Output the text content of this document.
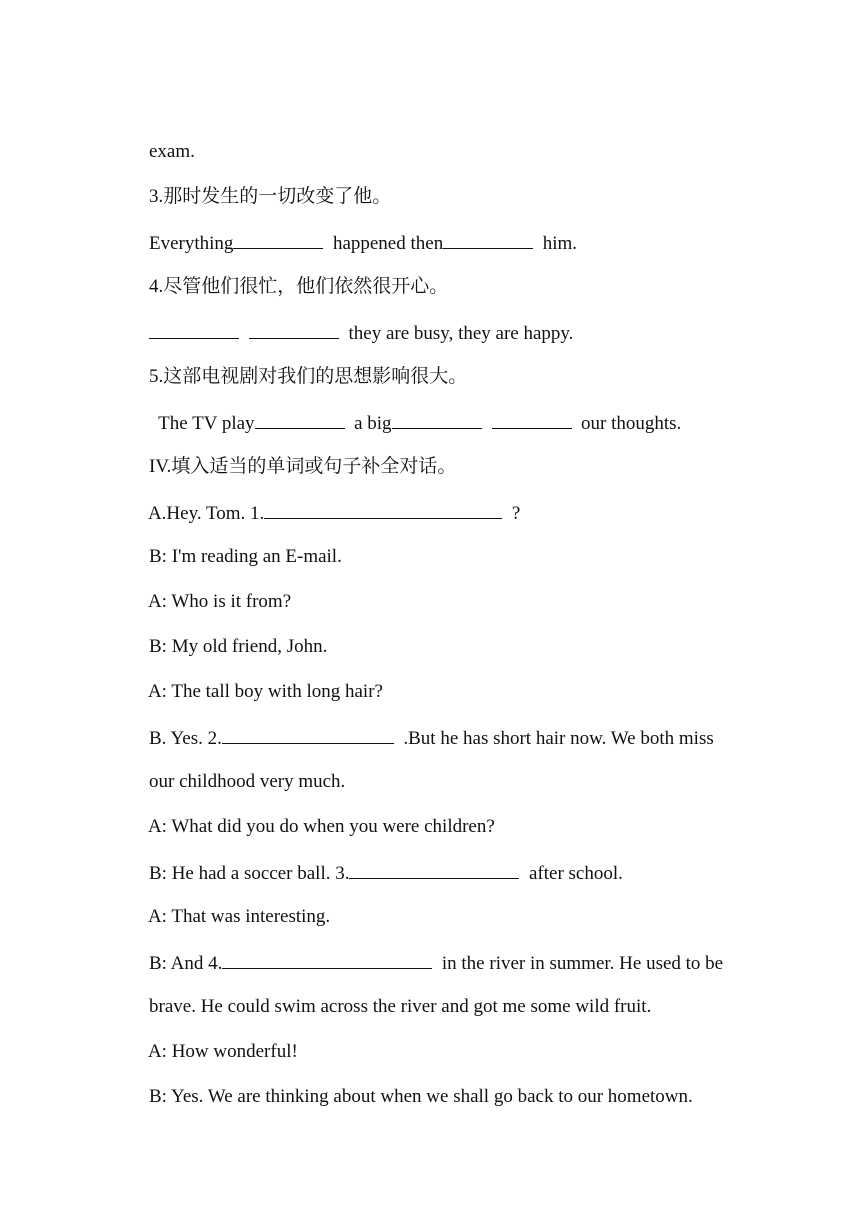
exam.

3.那时发生的一切改变了他。

Everything	happened then	him.

4.尽管他们很忙，他们依然很开心。

they are busy, they are happy.

5.这部电视剧对我们的思想影响很大。

The TV play	a big	our thoughts.

IV.填入适当的单词或句子补全对话。

A.Hey. Tom. 1.	?

B: I'm reading an E-mail.

A: Who is it from?

B: My old friend, John.

A: The tall boy with long hair?

B. Yes. 2.	.But he has short hair now. We both miss

our childhood very much.

A: What did you do when you were children?

B: He had a soccer ball. 3.	after school.

A: That was interesting.

B: And 4.	in the river in summer. He used to be

brave. He could swim across the river and got me some wild fruit.

A: How wonderful!

B: Yes. We are thinking about when we shall go back to our hometown.
